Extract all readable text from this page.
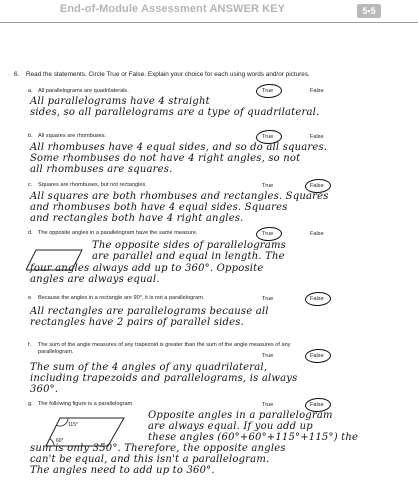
End-of-Module Assessment ANSWER KEY	5•5
6. Read the statements. Circle True or False. Explain your choice for each using words and/or pictures.
a. All parallelograms are quadrilaterals.	True	False
All parallelograms have 4 straight
sides, so all parallelograms are a type of quadrilateral.
b. All squares are rhombuses.	True	False
All rhombuses have 4 equal sides, and so do all squares.
Some rhombuses do not have 4 right angles, so not
all rhombuses are squares.
c. Squares are rhombuses, but not rectangles.	True	False
All squares are both rhombuses and rectangles. Squares
and rhombuses both have 4 equal sides. Squares
and rectangles both have 4 right angles.
d. The opposite angles in a parallelogram have the same measure.	True	False
The opposite sides of parallelograms
are parallel and equal in length. The
four angles always add up to 360°. Opposite
angles are always equal.
e. Because the angles in a rectangle are 90°, it is not a parallelogram.	True	False
All rectangles are parallelograms because all
rectangles have 2 pairs of parallel sides.
f. The sum of the angle measures of any trapezoid is greater than the sum of the angle measures of any
parallelogram.
True	False
The sum of the 4 angles of any quadrilateral,
including trapezoids and parallelograms, is always
360°.
g. The following figure is a parallelogram.	True	False
115°
60°
Opposite angles in a parallelogram
are always equal. If you add up
these angles (60°+60°+115°+115°) the
sum is only 350°. Therefore, the opposite angles
can't be equal, and this isn't a parallelogram.
The angles need to add up to 360°.
